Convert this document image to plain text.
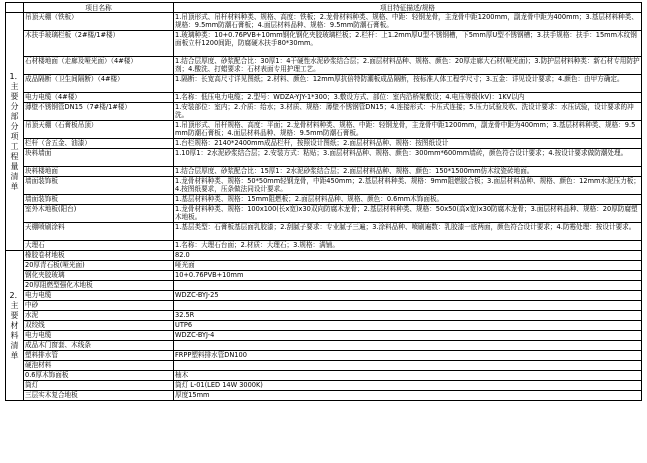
	项目名称	项目特征描述/规格
1．主要分部分项工程量清单	吊顶天棚（铁板）	1.吊顶形式、吊杆材料种类、规格、高度：铁板；2.龙骨材料种类、规格、中距：轻钢龙骨，主龙骨中距1200mm，副龙骨中距为400mm；3.基层材料种类、规格：9.5mm防潮石膏板；4.面层材料品种、规格：9.5mm防潮石膏板。
	木扶手玻璃栏板（2#楼/1#楼）	1.玻璃种类：10+0.76PVB+10mm钢化钢化夹胶玻璃栏板；2.栏杆：上1.2mm厚U型不锈钢槽，下5mm厚U型不锈钢槽；3.扶手规格：扶手：15mm木纹钢面板立杆1200间距，防腐硬木扶手80*30mm。
	石材楼地面（走廊及哑光面）（4#楼）	1.结合层厚度、砂浆配合比：30厚1：4干硬性水泥砂浆结合层；2.面层材料品种、规格、颜色：20厚走廊大石材(哑光面)；3.防护层材料种类：新石材专用防护剂；4.酸洗、打蜡要求：石材表面专用护理工艺。
	成品隔断（卫生间隔断）（4#楼）	1.隔断：长宽高尺寸详见图纸；2.材料、颜色：12mm厚抗倍特防潮板成品隔断，按标准人体工程学尺寸；3.五金：详见设计要求；4.颜色：由甲方确定。
	电力电缆（4#楼）	1.名称：低压电力电缆；2.型号：WDZA-YJY-1*300；3.敷设方式、部位：室内沿桥架敷设；4.电压等级(kV)：1KV以内
	薄壁不锈钢管DN15（7#楼/1#楼）	1.安装部位：室内；2.介质：给水；3.材质、规格：薄壁不锈钢管DN15；4.连接形式：卡压式连接；5.压力试验及吹、洗设计要求：水压试验，设计要求的冲洗。
	吊顶天棚（石膏板吊顶）	1.吊顶形式、吊杆规格、高度：平面；2.龙骨材料种类、规格、中距：轻钢龙骨，主龙骨中距1200mm，副龙骨中距为400mm；3.基层材料种类、规格：9.5mm防潮石膏板；4.面层材料品种、规格：9.5mm防潮石膏板。
	栏杆（含五金、油漆）	1.台栏规格：2140*2400mm成品栏杆，按照设计图纸；2.面层材料品种、规格：按图纸设计
	块料墙面	1.10厚1：2水泥砂浆结合层；2.安装方式：粘贴；3.面层材料品种、规格、颜色：300mm*600mm墙砖，颜色符合设计要求；4.按设计要求做防潮处理。
	块料楼地面	1.结合层厚度、砂浆配合比：15厚1：2水泥砂浆结合层；2.面层材料品种、规格、颜色：150*1500mm仿木纹瓷砖地面。
	墙面装饰板	1.龙骨材料种类、规格：50*50mm轻钢龙骨，中距450mm；2.基层材料种类、规格：9mm阻燃胶合板；3.面层材料品种、规格、颜色：12mm水泥压力板；4.按图纸要求，压条做法同设计要求。
	墙面装饰板	1.基层材料种类、规格：15mm阻燃板；2.面层材料品种、规格、颜色：0.6mm木饰面板。
	室外木地板(阳台)	1.龙骨材料种类、规格：100x100(长x宽)x30双向防腐木龙骨；2.基层材料种类、规格：50x50(高x宽)x30防腐木龙骨；3.面层材料品种、规格：20厚防腐塑木地板。
	天棚喷刷涂料	1.基层类型：石膏板基层面乳胶漆；2.刮腻子要求：专业腻子三遍；3.涂料品种、喷刷遍数：乳胶漆一底两面，颜色符合设计要求；4.防霉处理：按设计要求。
	大理石	1.名称：大理石台面；2.材质：大理石；3.规格：满铺。
2．主要材料清单	橡胶卷材地板	82.0
	20厚青石板(哑光面)	哑光面
	钢化夹胶玻璃	10+0.76PVB+10mm
	20厚阻燃型强化木地板	
	电力电缆	WDZC-BYJ-25
	中砂	
	水泥	32.5R
	双绞线	UTP6
	电力电缆	WDZC-BYJ-4
	成品木门窗套、木线条	
	塑料排水管	FRPP塑料排水管DN100
	硬泡材料	
	0.6厚木饰面板	柚木
	筒灯	筒灯 L-01(LED 14W 3000K)
	三层实木复合地板	厚度15mm
